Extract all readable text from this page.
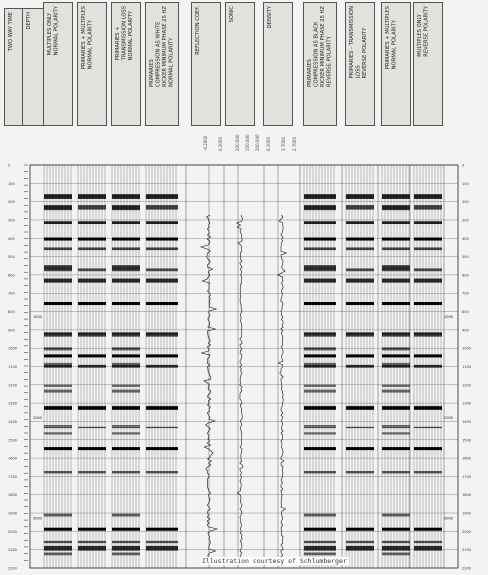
TWO WAY TIME DEPTH
MULTIPLES ONLY
NORMAL POLARITY
PRIMARIES + MULTIPLES
NORMAL POLARITY	PRIMARIES +
TRANSMISSION LOSS
NORMAL POLARITY
PRIMARIES
COMPRESSION AS WHITE
RICKER MINIMUM PHASE 25 HZ
NORMAL POLARITY	REFLECTION COEF.	SONIC	DENSITY
PRIMARIES
COMPRESSION AS BLACK
RICKER MINIMUM PHASE 25 HZ
REVERSE POLARITY
PRIMARIES - TRANSMISSION
LOSS
REVERSE POLARITY
PRIMARIES + MULTIPLES
NORMAL POLARITY	MULTIPLES ONLY
REVERSE POLARITY
-0.2000	0.2000	200.000 150.000 100.000 0.1000	1.7000 2.7000
0	0
100	100
200	200
300	300
400	400
500	500
600	600
700	700
800	800
900	900
1000	1000
1100	1100
1200	1200
1300	1300
1400	1400
1500	1500
1600	1600
1700	1700
1800	1800
1900	1900
2000	2000
2100	2100
2200	2200
1000
2000
3000
1000
2000
3000
Illustration courtesy of Schlumberger
